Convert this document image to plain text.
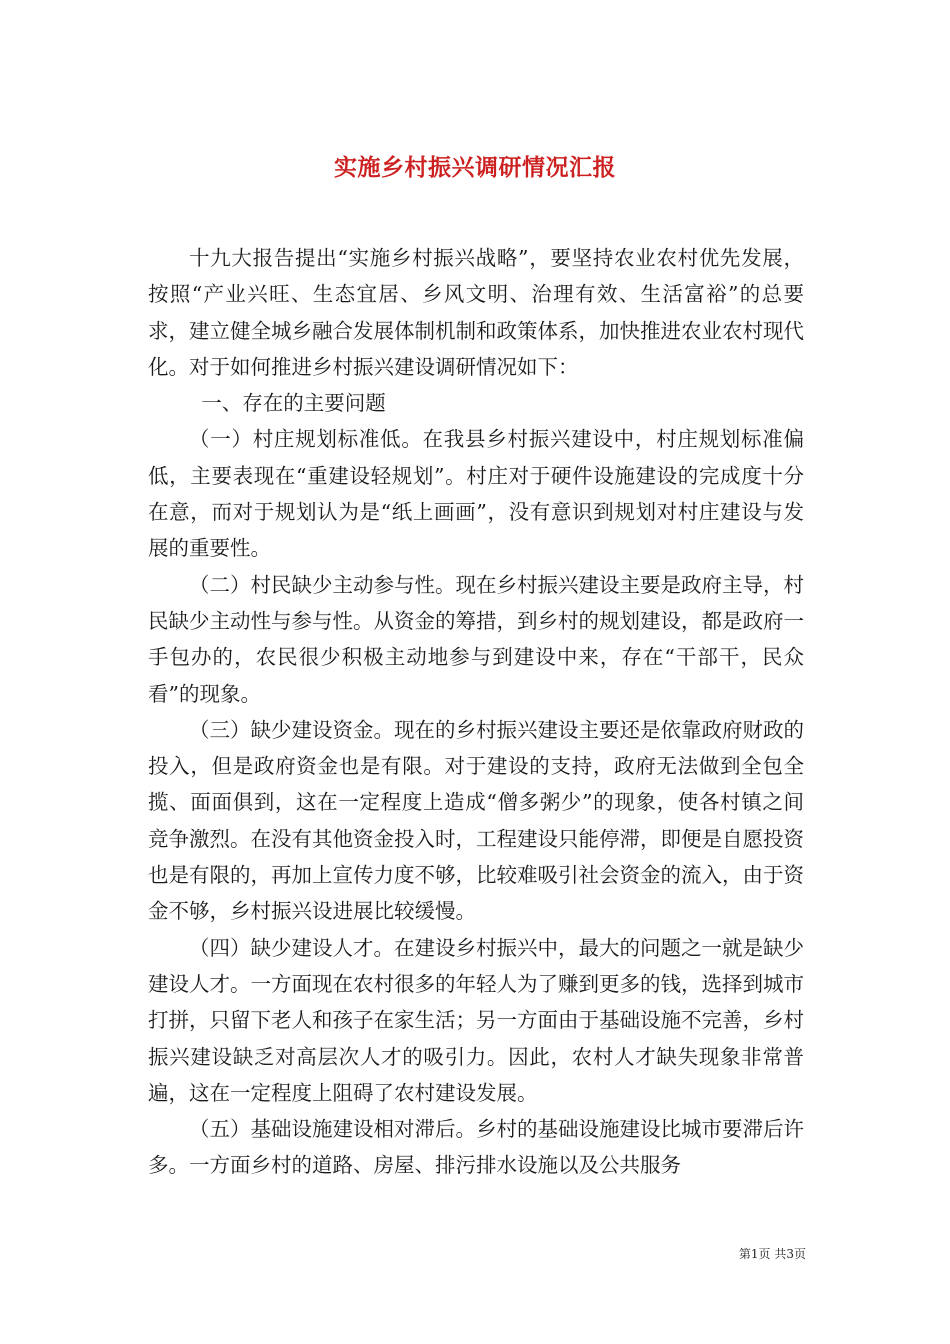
实施乡村振兴调研情况汇报

十九大报告提出“实施乡村振兴战略”，要坚持农业农村优先发展，按照“产业兴旺、生态宜居、乡风文明、治理有效、生活富裕”的总要求，建立健全城乡融合发展体制机制和政策体系，加快推进农业农村现代化。对于如何推进乡村振兴建设调研情况如下：

一、存在的主要问题

（一）村庄规划标准低。在我县乡村振兴建设中，村庄规划标准偏低，主要表现在“重建设轻规划”。村庄对于硬件设施建设的完成度十分在意，而对于规划认为是“纸上画画”，没有意识到规划对村庄建设与发展的重要性。

（二）村民缺少主动参与性。现在乡村振兴建设主要是政府主导，村民缺少主动性与参与性。从资金的筹措，到乡村的规划建设，都是政府一手包办的，农民很少积极主动地参与到建设中来，存在“干部干，民众看”的现象。

（三）缺少建设资金。现在的乡村振兴建设主要还是依靠政府财政的投入，但是政府资金也是有限。对于建设的支持，政府无法做到全包全揽、面面俱到，这在一定程度上造成“僧多粥少”的现象，使各村镇之间竞争激烈。在没有其他资金投入时，工程建设只能停滞，即便是自愿投资也是有限的，再加上宣传力度不够，比较难吸引社会资金的流入，由于资金不够，乡村振兴设进展比较缓慢。

（四）缺少建设人才。在建设乡村振兴中，最大的问题之一就是缺少建设人才。一方面现在农村很多的年轻人为了赚到更多的钱，选择到城市打拼，只留下老人和孩子在家生活；另一方面由于基础设施不完善，乡村振兴建设缺乏对高层次人才的吸引力。因此，农村人才缺失现象非常普遍，这在一定程度上阻碍了农村建设发展。

（五）基础设施建设相对滞后。乡村的基础设施建设比城市要滞后许多。一方面乡村的道路、房屋、排污排水设施以及公共服务

第1页 共3页
